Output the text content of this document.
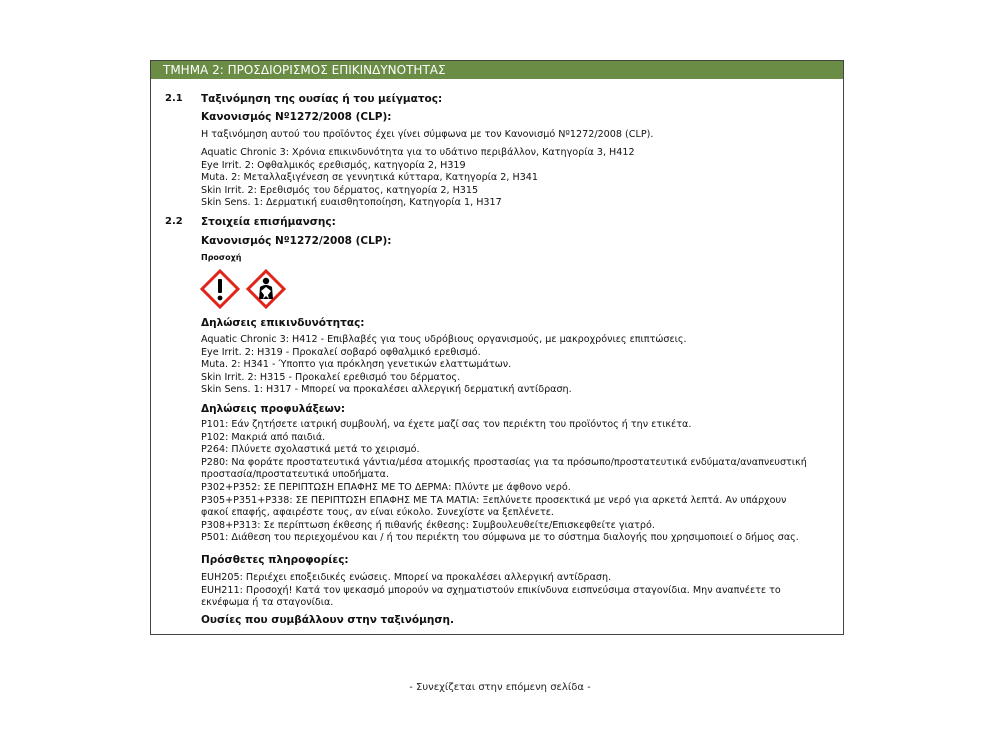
ΤΜΗΜΑ 2: ΠΡΟΣΔΙΟΡΙΣΜΟΣ ΕΠΙΚΙΝΔΥΝΟΤΗΤΑΣ
2.1 Ταξινόμηση της ουσίας ή του μείγματος:
Κανονισμός Nº1272/2008 (CLP):
Η ταξινόμηση αυτού του προϊόντος έχει γίνει σύμφωνα με τον Κανονισμό Nº1272/2008 (CLP).
Aquatic Chronic 3: Χρόνια επικινδυνότητα για το υδάτινο περιβάλλον, Κατηγορία 3, H412
Eye Irrit. 2: Οφθαλμικός ερεθισμός, κατηγορία 2, H319
Muta. 2: Μεταλλαξιγένεση σε γεννητικά κύτταρα, Κατηγορία 2, H341
Skin Irrit. 2: Ερεθισμός του δέρματος, κατηγορία 2, H315
Skin Sens. 1: Δερματική ευαισθητοποίηση, Κατηγορία 1, H317
2.2 Στοιχεία επισήμανσης:
Κανονισμός Nº1272/2008 (CLP):
Προσοχή
Δηλώσεις επικινδυνότητας:
Aquatic Chronic 3: H412 - Επιβλαβές για τους υδρόβιους οργανισμούς, με μακροχρόνιες επιπτώσεις.
Eye Irrit. 2: H319 - Προκαλεί σοβαρό οφθαλμικό ερεθισμό.
Muta. 2: H341 - Ύποπτο για πρόκληση γενετικών ελαττωμάτων.
Skin Irrit. 2: H315 - Προκαλεί ερεθισμό του δέρματος.
Skin Sens. 1: H317 - Μπορεί να προκαλέσει αλλεργική δερματική αντίδραση.
Δηλώσεις προφυλάξεων:
P101: Εάν ζητήσετε ιατρική συμβουλή, να έχετε μαζί σας τον περιέκτη του προϊόντος ή την ετικέτα.
P102: Μακριά από παιδιά.
P264: Πλύνετε σχολαστικά μετά το χειρισμό.
P280: Να φοράτε προστατευτικά γάντια/μέσα ατομικής προστασίας για τα πρόσωπο/προστατευτικά ενδύματα/αναπνευστική προστασία/προστατευτικά υποδήματα.
P302+P352: ΣΕ ΠΕΡΙΠΤΩΣΗ ΕΠΑΦΗΣ ΜΕ ΤΟ ΔΕΡΜΑ: Πλύντε με άφθονο νερό.
P305+P351+P338: ΣΕ ΠΕΡΙΠΤΩΣΗ ΕΠΑΦΗΣ ΜΕ ΤΑ ΜΑΤΙΑ: Ξεπλύνετε προσεκτικά με νερό για αρκετά λεπτά. Αν υπάρχουν φακοί επαφής, αφαιρέστε τους, αν είναι εύκολο. Συνεχίστε να ξεπλένετε.
P308+P313: Σε περίπτωση έκθεσης ή πιθανής έκθεσης: Συμβουλευθείτε/Επισκεφθείτε γιατρό.
P501: Διάθεση του περιεχομένου και / ή του περιέκτη του σύμφωνα με το σύστημα διαλογής που χρησιμοποιεί ο δήμος σας.
Πρόσθετες πληροφορίες:
EUH205: Περιέχει εποξειδικές ενώσεις. Μπορεί να προκαλέσει αλλεργική αντίδραση.
EUH211: Προσοχή! Κατά τον ψεκασμό μπορούν να σχηματιστούν επικίνδυνα εισπνεύσιμα σταγονίδια. Μην αναπνέετε το εκνέφωμα ή τα σταγονίδια.
Ουσίες που συμβάλλουν στην ταξινόμηση.
- Συνεχίζεται στην επόμενη σελίδα -
